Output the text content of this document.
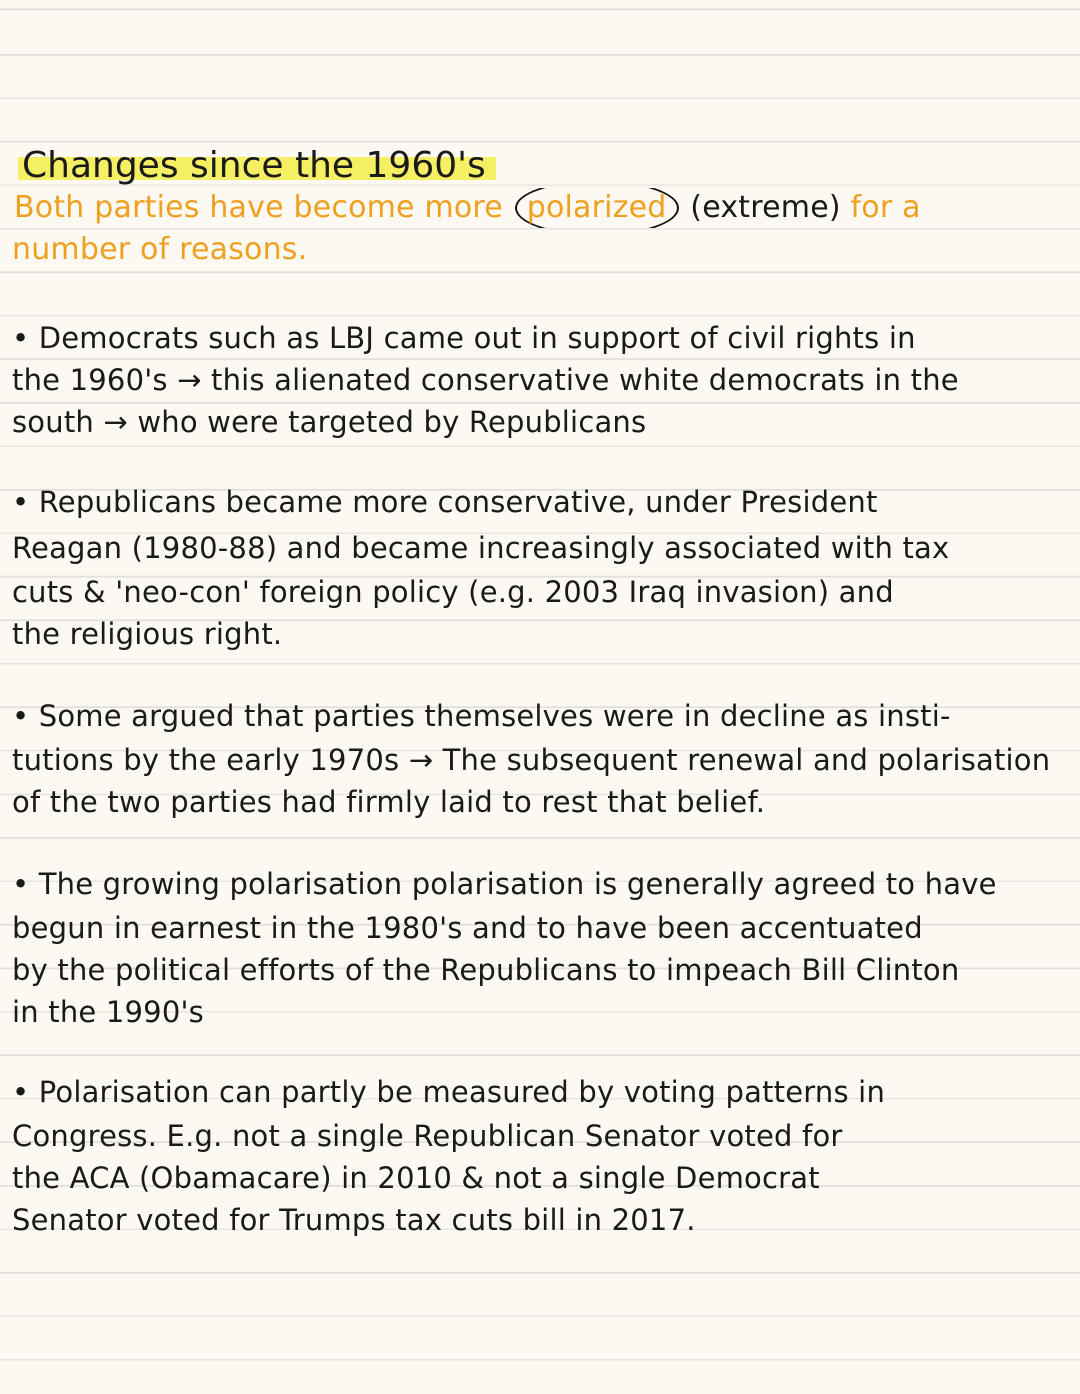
Changes since the 1960's
Both parties have become more polarized (extreme) for a
number of reasons.
• Democrats such as LBJ came out in support of civil rights in
the 1960's → this alienated conservative white democrats in the
south → who were targeted by Republicans
• Republicans became more conservative, under President
Reagan (1980-88) and became increasingly associated with tax
cuts & 'neo-con' foreign policy (e.g. 2003 Iraq invasion) and
the religious right.
• Some argued that parties themselves were in decline as insti-
tutions by the early 1970s → The subsequent renewal and polarisation
of the two parties had firmly laid to rest that belief.
• The growing polarisation polarisation is generally agreed to have
begun in earnest in the 1980's and to have been accentuated
by the political efforts of the Republicans to impeach Bill Clinton
in the 1990's
• Polarisation can partly be measured by voting patterns in
Congress. E.g. not a single Republican Senator voted for
the ACA (Obamacare) in 2010 & not a single Democrat
Senator voted for Trumps tax cuts bill in 2017.
